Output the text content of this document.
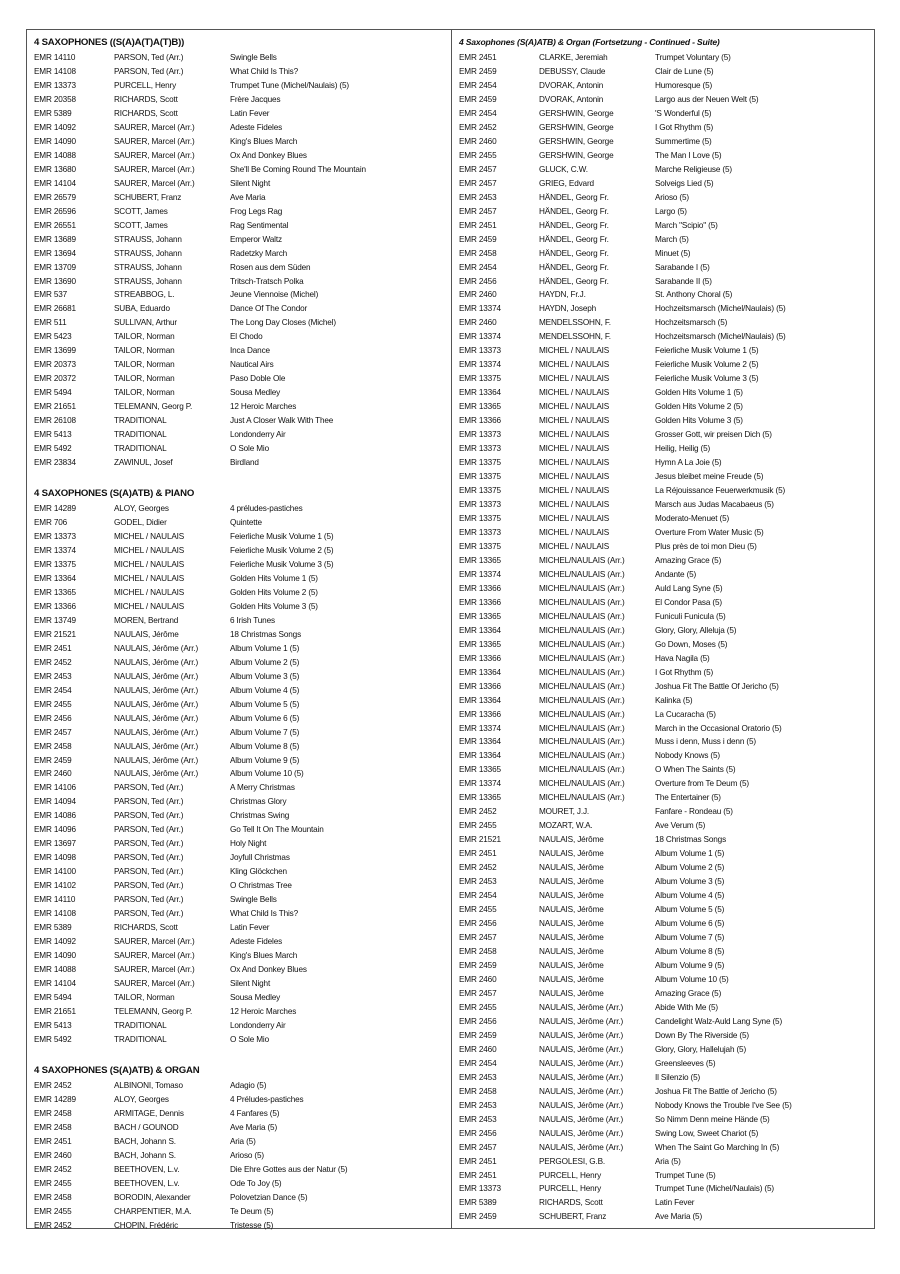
4 SAXOPHONES ((S(A)A(T)A(T)B))
EMR 14110	PARSON, Ted (Arr.)	Swingle Bells
EMR 14108	PARSON, Ted (Arr.)	What Child Is This?
EMR 13373	PURCELL, Henry	Trumpet Tune (Michel/Naulais) (5)
EMR 20358	RICHARDS, Scott	Frère Jacques
EMR 5389	RICHARDS, Scott	Latin Fever
EMR 14092	SAURER, Marcel (Arr.)	Adeste Fideles
EMR 14090	SAURER, Marcel (Arr.)	King's Blues March
EMR 14088	SAURER, Marcel (Arr.)	Ox And Donkey Blues
EMR 13680	SAURER, Marcel (Arr.)	She'll Be Coming Round The Mountain
EMR 14104	SAURER, Marcel (Arr.)	Silent Night
EMR 26579	SCHUBERT, Franz	Ave Maria
EMR 26596	SCOTT, James	Frog Legs Rag
EMR 26551	SCOTT, James	Rag Sentimental
EMR 13689	STRAUSS, Johann	Emperor Waltz
EMR 13694	STRAUSS, Johann	Radetzky March
EMR 13709	STRAUSS, Johann	Rosen aus dem Süden
EMR 13690	STRAUSS, Johann	Tritsch-Tratsch Polka
EMR 537	STREABBOG, L.	Jeune Viennoise (Michel)
EMR 26681	SUBA, Eduardo	Dance Of The Condor
EMR 511	SULLIVAN, Arthur	The Long Day Closes (Michel)
EMR 5423	TAILOR, Norman	El Chodo
EMR 13699	TAILOR, Norman	Inca Dance
EMR 20373	TAILOR, Norman	Nautical Airs
EMR 20372	TAILOR, Norman	Paso Doble Ole
EMR 5494	TAILOR, Norman	Sousa Medley
EMR 21651	TELEMANN, Georg P.	12 Heroic Marches
EMR 26108	TRADITIONAL	Just A Closer Walk With Thee
EMR 5413	TRADITIONAL	Londonderry Air
EMR 5492	TRADITIONAL	O Sole Mio
EMR 23834	ZAWINUL, Josef	Birdland
4 SAXOPHONES (S(A)ATB) & PIANO
EMR 14289	ALOY, Georges	4 préludes-pastiches
EMR 706	GODEL, Didier	Quintette
EMR 13373	MICHEL / NAULAIS	Feierliche Musik Volume 1 (5)
EMR 13374	MICHEL / NAULAIS	Feierliche Musik Volume 2 (5)
EMR 13375	MICHEL / NAULAIS	Feierliche Musik Volume 3 (5)
EMR 13364	MICHEL / NAULAIS	Golden Hits Volume 1 (5)
EMR 13365	MICHEL / NAULAIS	Golden Hits Volume 2 (5)
EMR 13366	MICHEL / NAULAIS	Golden Hits Volume 3 (5)
EMR 13749	MOREN, Bertrand	6 Irish Tunes
EMR 21521	NAULAIS, Jérôme	18 Christmas Songs
EMR 2451	NAULAIS, Jérôme (Arr.)	Album Volume 1 (5)
EMR 2452	NAULAIS, Jérôme (Arr.)	Album Volume 2 (5)
EMR 2453	NAULAIS, Jérôme (Arr.)	Album Volume 3 (5)
EMR 2454	NAULAIS, Jérôme (Arr.)	Album Volume 4 (5)
EMR 2455	NAULAIS, Jérôme (Arr.)	Album Volume 5 (5)
EMR 2456	NAULAIS, Jérôme (Arr.)	Album Volume 6 (5)
EMR 2457	NAULAIS, Jérôme (Arr.)	Album Volume 7 (5)
EMR 2458	NAULAIS, Jérôme (Arr.)	Album Volume 8 (5)
EMR 2459	NAULAIS, Jérôme (Arr.)	Album Volume 9 (5)
EMR 2460	NAULAIS, Jérôme (Arr.)	Album Volume 10 (5)
EMR 14106	PARSON, Ted (Arr.)	A Merry Christmas
EMR 14094	PARSON, Ted (Arr.)	Christmas Glory
EMR 14086	PARSON, Ted (Arr.)	Christmas Swing
EMR 14096	PARSON, Ted (Arr.)	Go Tell It On The Mountain
EMR 13697	PARSON, Ted (Arr.)	Holy Night
EMR 14098	PARSON, Ted (Arr.)	Joyfull Christmas
EMR 14100	PARSON, Ted (Arr.)	Kling Glöckchen
EMR 14102	PARSON, Ted (Arr.)	O Christmas Tree
EMR 14110	PARSON, Ted (Arr.)	Swingle Bells
EMR 14108	PARSON, Ted (Arr.)	What Child Is This?
EMR 5389	RICHARDS, Scott	Latin Fever
EMR 14092	SAURER, Marcel (Arr.)	Adeste Fideles
EMR 14090	SAURER, Marcel (Arr.)	King's Blues March
EMR 14088	SAURER, Marcel (Arr.)	Ox And Donkey Blues
EMR 14104	SAURER, Marcel (Arr.)	Silent Night
EMR 5494	TAILOR, Norman	Sousa Medley
EMR 21651	TELEMANN, Georg P.	12 Heroic Marches
EMR 5413	TRADITIONAL	Londonderry Air
EMR 5492	TRADITIONAL	O Sole Mio
4 SAXOPHONES (S(A)ATB) & ORGAN
EMR 2452	ALBINONI, Tomaso	Adagio (5)
EMR 14289	ALOY, Georges	4 Préludes-pastiches
EMR 2458	ARMITAGE, Dennis	4 Fanfares (5)
EMR 2458	BACH / GOUNOD	Ave Maria (5)
EMR 2451	BACH, Johann S.	Aria (5)
EMR 2460	BACH, Johann S.	Arioso (5)
EMR 2452	BEETHOVEN, L.v.	Die Ehre Gottes aus der Natur (5)
EMR 2455	BEETHOVEN, L.v.	Ode To Joy (5)
EMR 2458	BORODIN, Alexander	Polovetzian Dance (5)
EMR 2455	CHARPENTIER, M.A.	Te Deum (5)
EMR 2452	CHOPIN, Frédéric	Tristesse (5)
4 Saxophones (S(A)ATB) & Organ (Fortsetzung - Continued - Suite)
EMR 2451	CLARKE, Jeremiah	Trumpet Voluntary (5)
EMR 2459	DEBUSSY, Claude	Clair de Lune (5)
EMR 2454	DVORAK, Antonin	Humoresque (5)
EMR 2459	DVORAK, Antonin	Largo aus der Neuen Welt (5)
EMR 2454	GERSHWIN, George	'S Wonderful (5)
EMR 2452	GERSHWIN, George	I Got Rhythm (5)
EMR 2460	GERSHWIN, George	Summertime (5)
EMR 2455	GERSHWIN, George	The Man I Love (5)
EMR 2457	GLUCK, C.W.	Marche Religieuse (5)
EMR 2457	GRIEG, Edvard	Solveigs Lied (5)
EMR 2453	HÄNDEL, Georg Fr.	Arioso (5)
EMR 2457	HÄNDEL, Georg Fr.	Largo (5)
EMR 2451	HÄNDEL, Georg Fr.	March "Scipio" (5)
EMR 2459	HÄNDEL, Georg Fr.	March (5)
EMR 2458	HÄNDEL, Georg Fr.	Minuet (5)
EMR 2454	HÄNDEL, Georg Fr.	Sarabande I (5)
EMR 2456	HÄNDEL, Georg Fr.	Sarabande II (5)
EMR 2460	HAYDN, Fr.J.	St. Anthony Choral (5)
EMR 13374	HAYDN, Joseph	Hochzeitsmarsch (Michel/Naulais) (5)
EMR 2460	MENDELSSOHN, F.	Hochzeitsmarsch (5)
EMR 13374	MENDELSSOHN, F.	Hochzeitsmarsch (Michel/Naulais) (5)
EMR 13373	MICHEL / NAULAIS	Feierliche Musik Volume 1 (5)
EMR 13374	MICHEL / NAULAIS	Feierliche Musik Volume 2 (5)
EMR 13375	MICHEL / NAULAIS	Feierliche Musik Volume 3 (5)
EMR 13364	MICHEL / NAULAIS	Golden Hits Volume 1 (5)
EMR 13365	MICHEL / NAULAIS	Golden Hits Volume 2 (5)
EMR 13366	MICHEL / NAULAIS	Golden Hits Volume 3 (5)
EMR 13373	MICHEL / NAULAIS	Grosser Gott, wir preisen Dich (5)
EMR 13373	MICHEL / NAULAIS	Heilig, Heilig (5)
EMR 13375	MICHEL / NAULAIS	Hymn A La Joie (5)
EMR 13375	MICHEL / NAULAIS	Jesus bleibet meine Freude (5)
EMR 13375	MICHEL / NAULAIS	La Réjouissance Feuerwerkmusik (5)
EMR 13373	MICHEL / NAULAIS	Marsch aus Judas Macabaeus (5)
EMR 13375	MICHEL / NAULAIS	Moderato-Menuet (5)
EMR 13373	MICHEL / NAULAIS	Overture From Water Music (5)
EMR 13375	MICHEL / NAULAIS	Plus près de toi mon Dieu (5)
EMR 13365	MICHEL/NAULAIS (Arr.)	Amazing Grace (5)
EMR 13374	MICHEL/NAULAIS (Arr.)	Andante (5)
EMR 13366	MICHEL/NAULAIS (Arr.)	Auld Lang Syne (5)
EMR 13366	MICHEL/NAULAIS (Arr.)	El Condor Pasa (5)
EMR 13365	MICHEL/NAULAIS (Arr.)	Funiculi Funicula (5)
EMR 13364	MICHEL/NAULAIS (Arr.)	Glory, Glory, Alleluja (5)
EMR 13365	MICHEL/NAULAIS (Arr.)	Go Down, Moses (5)
EMR 13366	MICHEL/NAULAIS (Arr.)	Hava Nagila (5)
EMR 13364	MICHEL/NAULAIS (Arr.)	I Got Rhythm (5)
EMR 13366	MICHEL/NAULAIS (Arr.)	Joshua Fit The Battle Of Jericho (5)
EMR 13364	MICHEL/NAULAIS (Arr.)	Kalinka (5)
EMR 13366	MICHEL/NAULAIS (Arr.)	La Cucaracha (5)
EMR 13374	MICHEL/NAULAIS (Arr.)	March in the Occasional Oratorio (5)
EMR 13364	MICHEL/NAULAIS (Arr.)	Muss i denn, Muss i denn (5)
EMR 13364	MICHEL/NAULAIS (Arr.)	Nobody Knows (5)
EMR 13365	MICHEL/NAULAIS (Arr.)	O When The Saints (5)
EMR 13374	MICHEL/NAULAIS (Arr.)	Overture from Te Deum (5)
EMR 13365	MICHEL/NAULAIS (Arr.)	The Entertainer (5)
EMR 2452	MOURET, J.J.	Fanfare - Rondeau (5)
EMR 2455	MOZART, W.A.	Ave Verum (5)
EMR 21521	NAULAIS, Jérôme	18 Christmas Songs
EMR 2451	NAULAIS, Jérôme	Album Volume 1 (5)
EMR 2452	NAULAIS, Jérôme	Album Volume 2 (5)
EMR 2453	NAULAIS, Jérôme	Album Volume 3 (5)
EMR 2454	NAULAIS, Jérôme	Album Volume 4 (5)
EMR 2455	NAULAIS, Jérôme	Album Volume 5 (5)
EMR 2456	NAULAIS, Jérôme	Album Volume 6 (5)
EMR 2457	NAULAIS, Jérôme	Album Volume 7 (5)
EMR 2458	NAULAIS, Jérôme	Album Volume 8 (5)
EMR 2459	NAULAIS, Jérôme	Album Volume 9 (5)
EMR 2460	NAULAIS, Jérôme	Album Volume 10 (5)
EMR 2457	NAULAIS, Jérôme	Amazing Grace (5)
EMR 2455	NAULAIS, Jérôme (Arr.)	Abide With Me (5)
EMR 2456	NAULAIS, Jérôme (Arr.)	Candelight Walz-Auld Lang Syne (5)
EMR 2459	NAULAIS, Jérôme (Arr.)	Down By The Riverside (5)
EMR 2460	NAULAIS, Jérôme (Arr.)	Glory, Glory, Hallelujah (5)
EMR 2454	NAULAIS, Jérôme (Arr.)	Greensleeves (5)
EMR 2453	NAULAIS, Jérôme (Arr.)	Il Silenzio (5)
EMR 2458	NAULAIS, Jérôme (Arr.)	Joshua Fit The Battle of Jericho (5)
EMR 2453	NAULAIS, Jérôme (Arr.)	Nobody Knows the Trouble I've See (5)
EMR 2453	NAULAIS, Jérôme (Arr.)	So Nimm Denn meine Hände (5)
EMR 2456	NAULAIS, Jérôme (Arr.)	Swing Low, Sweet Chariot (5)
EMR 2457	NAULAIS, Jérôme (Arr.)	When The Saint Go Marching In (5)
EMR 2451	PERGOLESI, G.B.	Aria (5)
EMR 2451	PURCELL, Henry	Trumpet Tune (5)
EMR 13373	PURCELL, Henry	Trumpet Tune (Michel/Naulais) (5)
EMR 5389	RICHARDS, Scott	Latin Fever
EMR 2459	SCHUBERT, Franz	Ave Maria (5)
